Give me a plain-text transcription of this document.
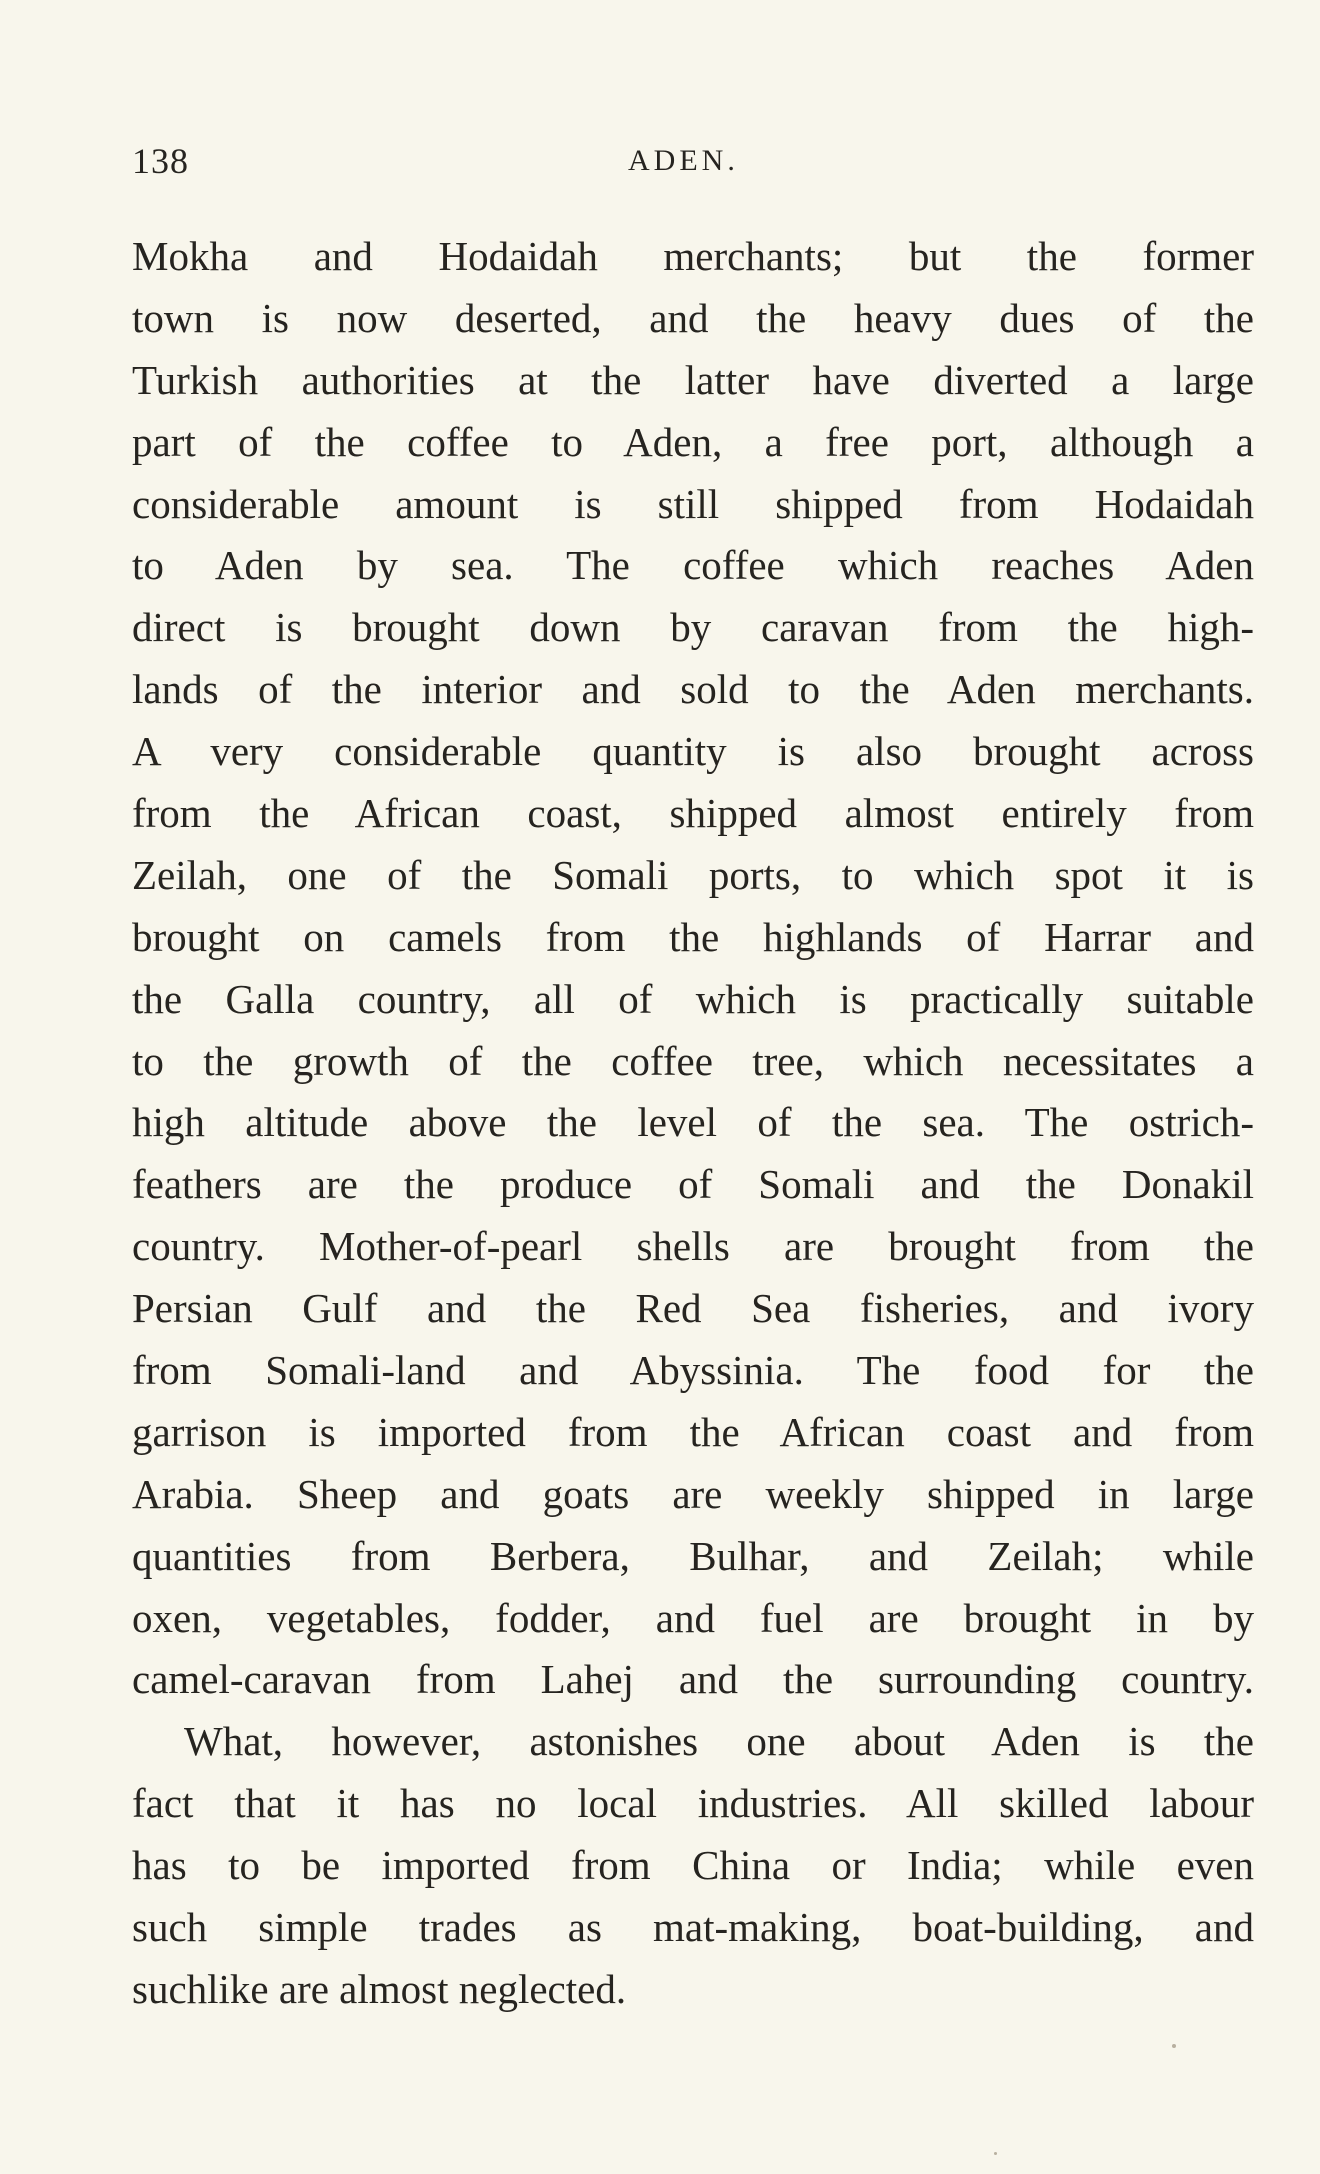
138	ADEN.
Mokha and Hodaidah merchants; but the former
town is now deserted, and the heavy dues of the
Turkish authorities at the latter have diverted a large
part of the coffee to Aden, a free port, although a
considerable amount is still shipped from Hodaidah
to Aden by sea. The coffee which reaches Aden
direct is brought down by caravan from the high-
lands of the interior and sold to the Aden merchants.
A very considerable quantity is also brought across
from the African coast, shipped almost entirely from
Zeilah, one of the Somali ports, to which spot it is
brought on camels from the highlands of Harrar and
the Galla country, all of which is practically suitable
to the growth of the coffee tree, which necessitates a
high altitude above the level of the sea. The ostrich-
feathers are the produce of Somali and the Donakil
country. Mother-of-pearl shells are brought from the
Persian Gulf and the Red Sea fisheries, and ivory
from Somali-land and Abyssinia. The food for the
garrison is imported from the African coast and from
Arabia. Sheep and goats are weekly shipped in large
quantities from Berbera, Bulhar, and Zeilah; while
oxen, vegetables, fodder, and fuel are brought in by
camel-caravan from Lahej and the surrounding country.
What, however, astonishes one about Aden is the
fact that it has no local industries. All skilled labour
has to be imported from China or India; while even
such simple trades as mat-making, boat-building, and
suchlike are almost neglected.
